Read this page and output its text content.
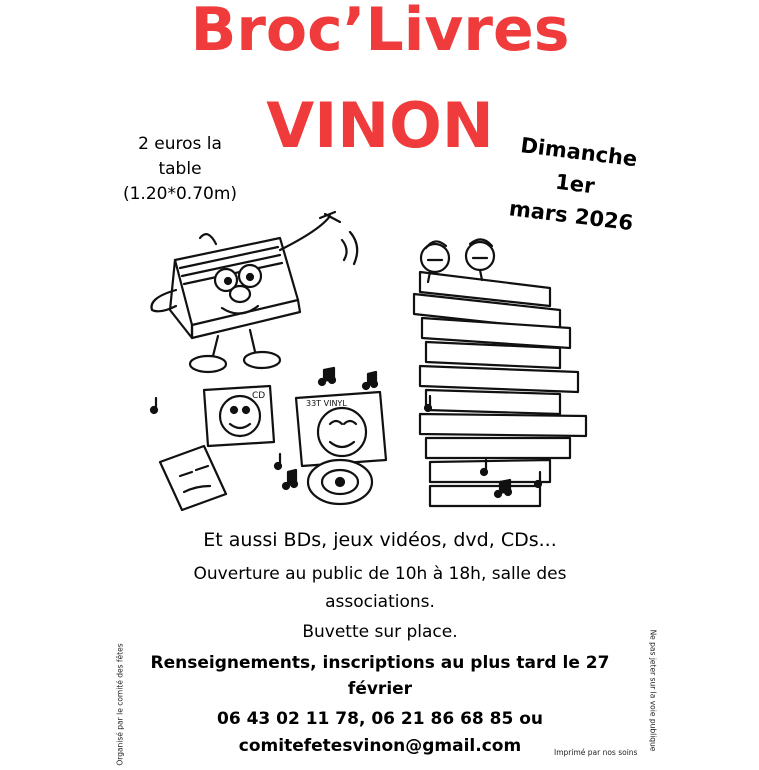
Broc’Livres
VINON
2 euros la
table
(1.20*0.70m)
Dimanche
1er
mars 2026
CD
33T VINYL
Et aussi BDs, jeux vidéos, dvd, CDs...
Ouverture au public de 10h à 18h, salle des
associations.
Buvette sur place.
Renseignements, inscriptions au plus tard le 27
février
06 43 02 11 78, 06 21 86 68 85 ou
comitefetesvinon@gmail.com
Organisé par le comité des fêtes	Ne pas jeter sur la voie publique
Imprimé par nos soins
